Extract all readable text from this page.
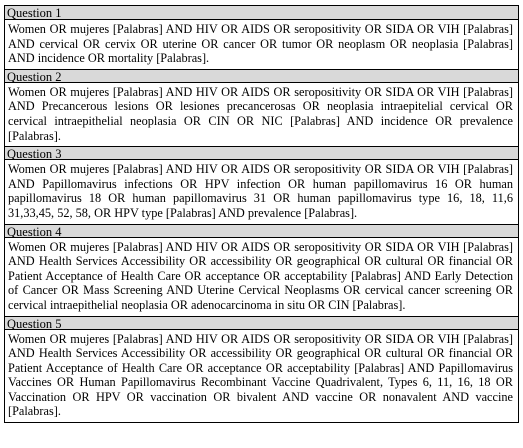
Question 1
Women OR mujeres [Palabras] AND HIV OR AIDS OR seropositivity OR SIDA OR VIH [Palabras] AND cervical OR cervix OR uterine OR cancer OR tumor OR neoplasm OR neoplasia [Palabras] AND incidence OR mortality [Palabras].
Question 2
Women OR mujeres [Palabras] AND HIV OR AIDS OR seropositivity OR SIDA OR VIH [Palabras] AND Precancerous lesions OR lesiones precancerosas OR neoplasia intraepitelial cervical OR cervical intraepithelial neoplasia OR CIN OR NIC [Palabras] AND incidence OR prevalence [Palabras].
Question 3
Women OR mujeres [Palabras] AND HIV OR AIDS OR seropositivity OR SIDA OR VIH [Palabras] AND Papillomavirus infections OR HPV infection OR human papillomavirus 16 OR human papillomavirus 18 OR human papillomavirus 31 OR human papillomavirus type 16, 18, 11,6 31,33,45, 52, 58, OR HPV type [Palabras] AND prevalence [Palabras].
Question 4
Women OR mujeres [Palabras] AND HIV OR AIDS OR seropositivity OR SIDA OR VIH [Palabras] AND Health Services Accessibility OR accessibility OR geographical OR cultural OR financial OR Patient Acceptance of Health Care OR acceptance OR acceptability [Palabras] AND Early Detection of Cancer OR Mass Screening AND Uterine Cervical Neoplasms OR cervical cancer screening OR cervical intraepithelial neoplasia OR adenocarcinoma in situ OR CIN [Palabras].
Question 5
Women OR mujeres [Palabras] AND HIV OR AIDS OR seropositivity OR SIDA OR VIH [Palabras] AND Health Services Accessibility OR accessibility OR geographical OR cultural OR financial OR Patient Acceptance of Health Care OR acceptance OR acceptability [Palabras] AND Papillomavirus Vaccines OR Human Papillomavirus Recombinant Vaccine Quadrivalent, Types 6, 11, 16, 18 OR Vaccination OR HPV OR vaccination OR bivalent AND vaccine OR nonavalent AND vaccine [Palabras].
